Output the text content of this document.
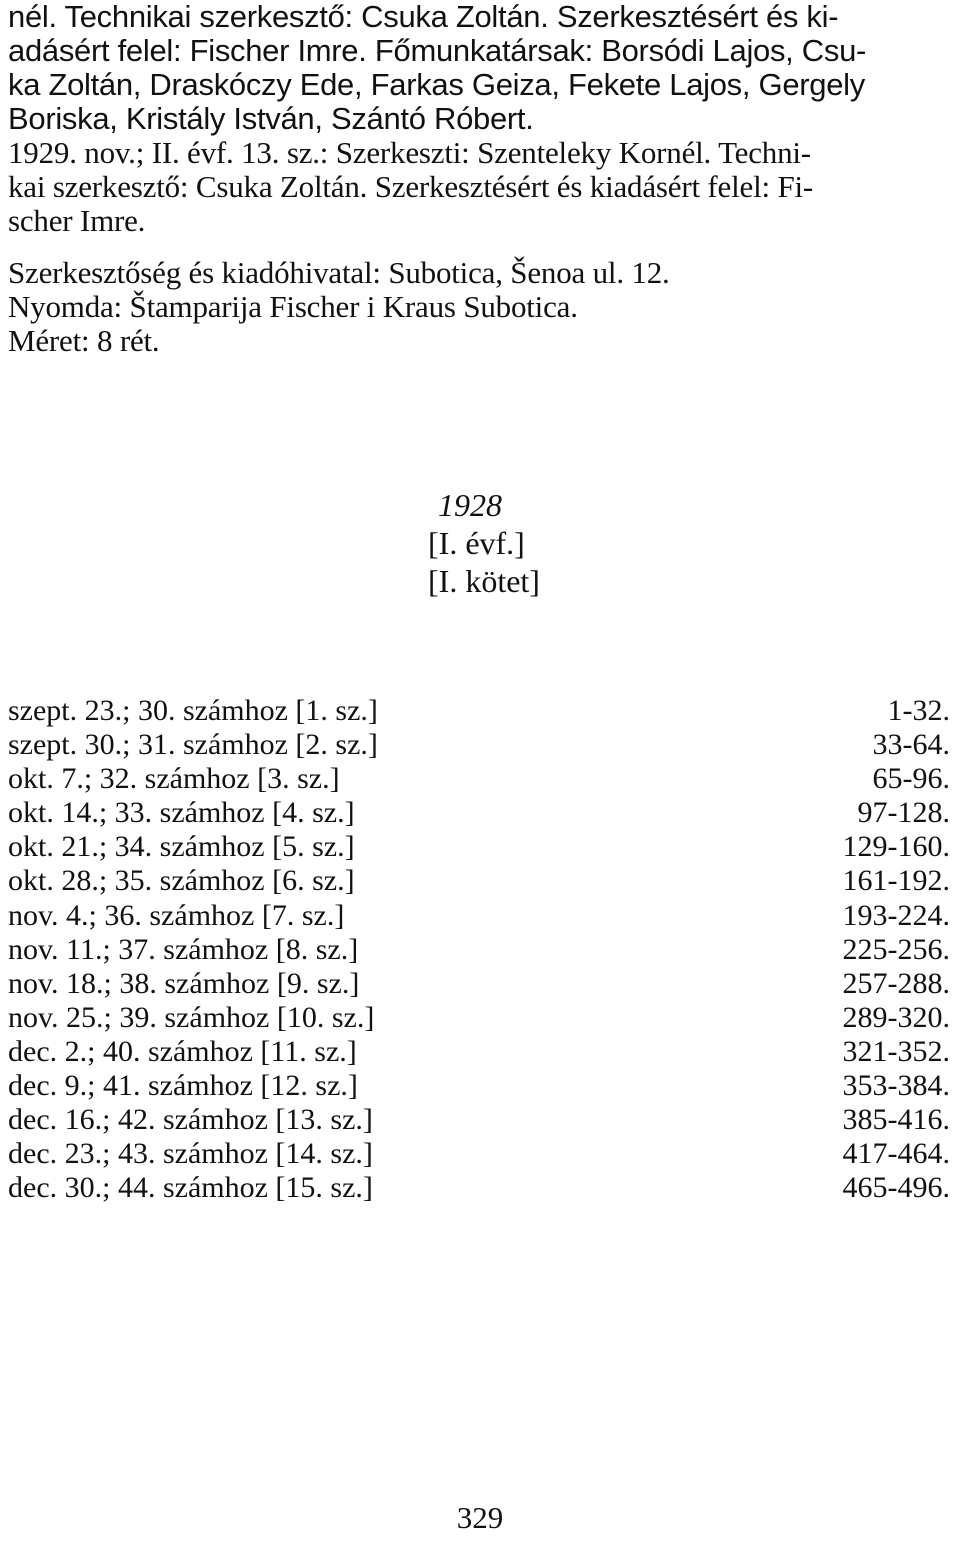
nél. Technikai szerkesztő: Csuka Zoltán. Szerkesztésért és ki-

adásért felel: Fischer Imre. Főmunkatársak: Borsódi Lajos, Csu-

ka Zoltán, Draskóczy Ede, Farkas Geiza, Fekete Lajos, Gergely

Boriska, Kristály István, Szántó Róbert.

1929. nov.; II. évf. 13. sz.: Szerkeszti: Szenteleky Kornél. Techni-

kai szerkesztő: Csuka Zoltán. Szerkesztésért és kiadásért felel: Fi-

scher Imre.

Szerkesztőség és kiadóhivatal: Subotica, Šenoa ul. 12.

Nyomda: Štamparija Fischer i Kraus Subotica.

Méret: 8 rét.

1928

[I. évf.]

[I. kötet]

szept. 23.; 30. számhoz [1. sz.]	1-32.
szept. 30.; 31. számhoz [2. sz.]	33-64.
okt. 7.; 32. számhoz [3. sz.]	65-96.
okt. 14.; 33. számhoz [4. sz.]	97-128.
okt. 21.; 34. számhoz [5. sz.]	129-160.
okt. 28.; 35. számhoz [6. sz.]	161-192.
nov. 4.; 36. számhoz [7. sz.]	193-224.
nov. 11.; 37. számhoz [8. sz.]	225-256.
nov. 18.; 38. számhoz [9. sz.]	257-288.
nov. 25.; 39. számhoz [10. sz.]	289-320.
dec. 2.; 40. számhoz [11. sz.]	321-352.
dec. 9.; 41. számhoz [12. sz.]	353-384.
dec. 16.; 42. számhoz [13. sz.]	385-416.
dec. 23.; 43. számhoz [14. sz.]	417-464.
dec. 30.; 44. számhoz [15. sz.]	465-496.
329
